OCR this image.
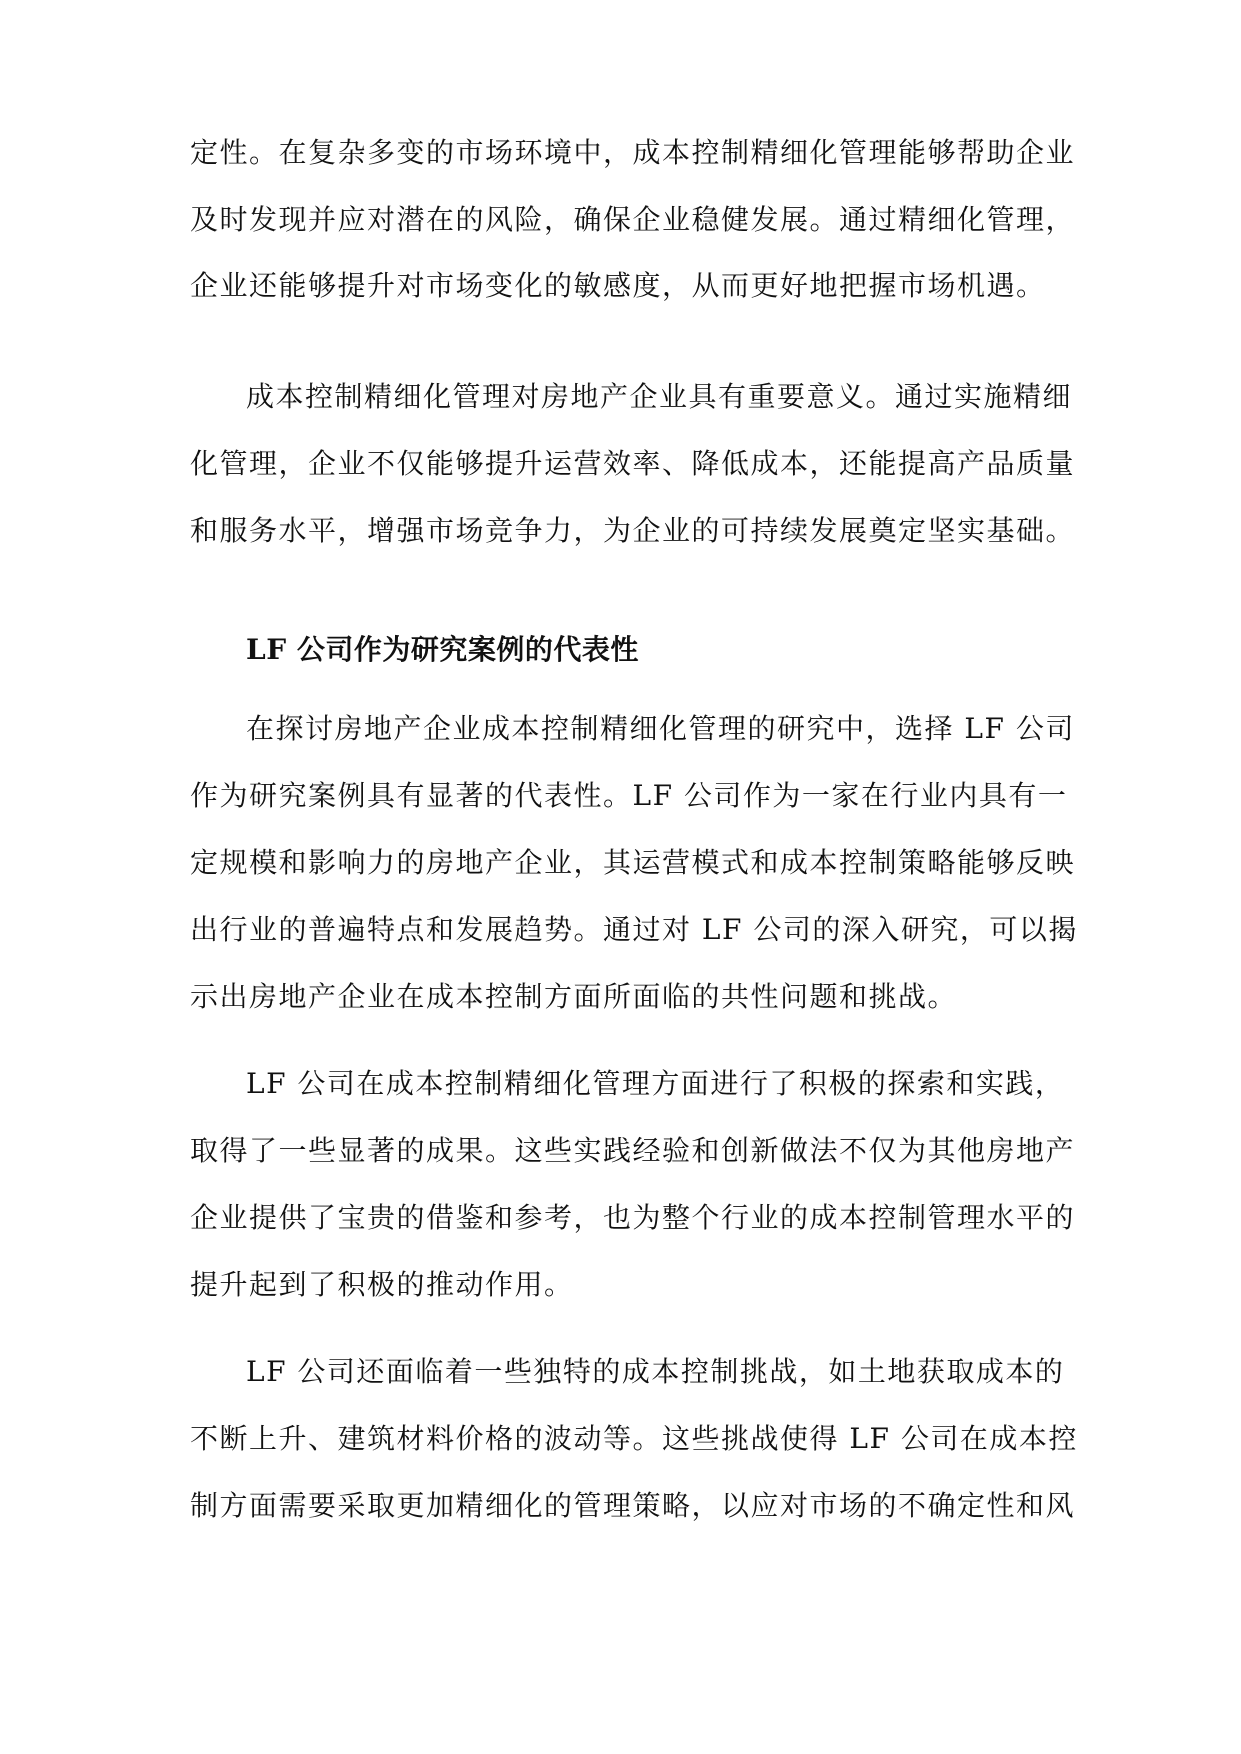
定性。在复杂多变的市场环境中，成本控制精细化管理能够帮助企业
及时发现并应对潜在的风险，确保企业稳健发展。通过精细化管理，
企业还能够提升对市场变化的敏感度，从而更好地把握市场机遇。
成本控制精细化管理对房地产企业具有重要意义。通过实施精细
化管理，企业不仅能够提升运营效率、降低成本，还能提高产品质量
和服务水平，增强市场竞争力，为企业的可持续发展奠定坚实基础。
LF 公司作为研究案例的代表性
在探讨房地产企业成本控制精细化管理的研究中，选择 LF 公司
作为研究案例具有显著的代表性。LF 公司作为一家在行业内具有一
定规模和影响力的房地产企业，其运营模式和成本控制策略能够反映
出行业的普遍特点和发展趋势。通过对 LF 公司的深入研究，可以揭
示出房地产企业在成本控制方面所面临的共性问题和挑战。
LF 公司在成本控制精细化管理方面进行了积极的探索和实践，
取得了一些显著的成果。这些实践经验和创新做法不仅为其他房地产
企业提供了宝贵的借鉴和参考，也为整个行业的成本控制管理水平的
提升起到了积极的推动作用。
LF 公司还面临着一些独特的成本控制挑战，如土地获取成本的
不断上升、建筑材料价格的波动等。这些挑战使得 LF 公司在成本控
制方面需要采取更加精细化的管理策略，以应对市场的不确定性和风
